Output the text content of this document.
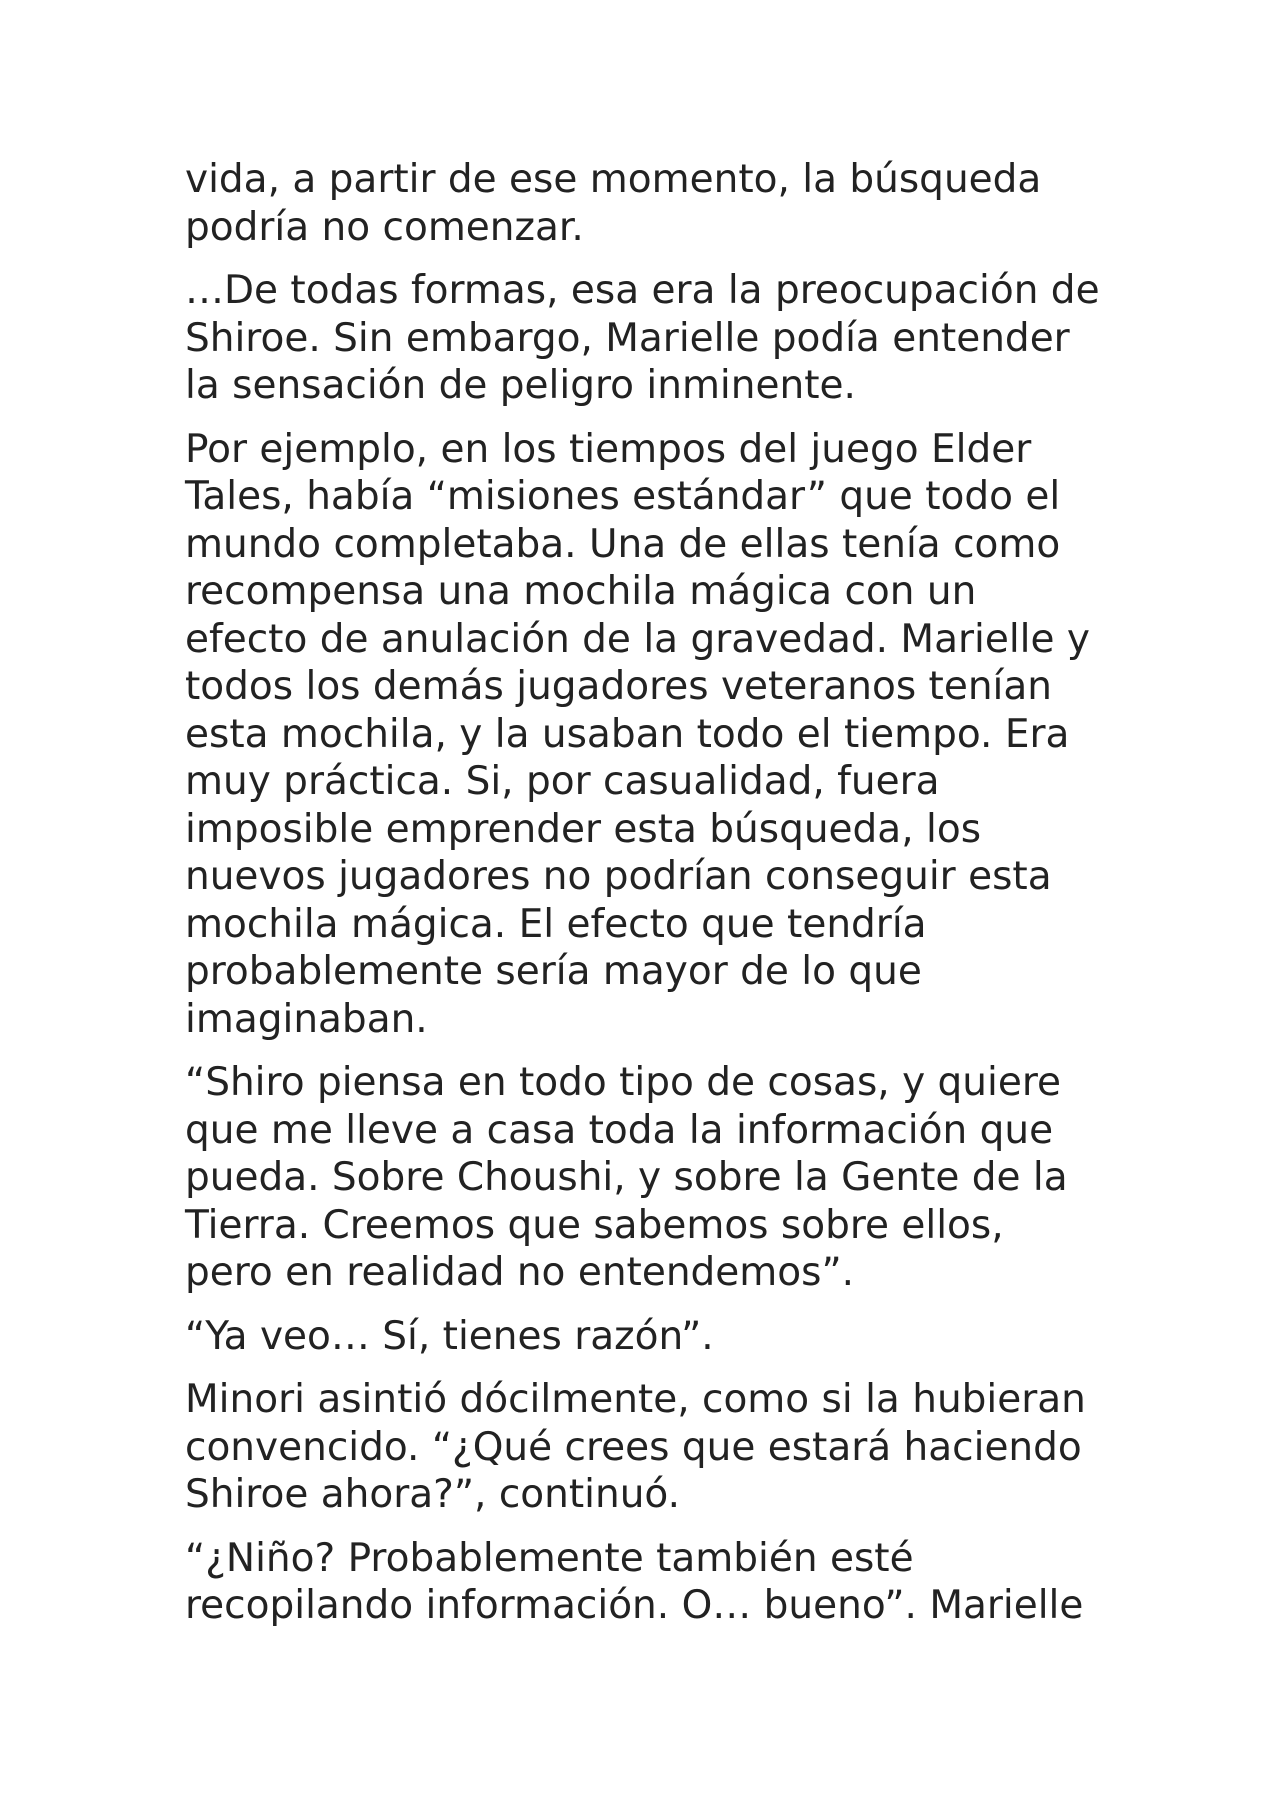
vida, a partir de ese momento, la búsqueda
podría no comenzar.

…De todas formas, esa era la preocupación de
Shiroe. Sin embargo, Marielle podía entender
la sensación de peligro inminente.

Por ejemplo, en los tiempos del juego Elder
Tales, había “misiones estándar” que todo el
mundo completaba. Una de ellas tenía como
recompensa una mochila mágica con un
efecto de anulación de la gravedad. Marielle y
todos los demás jugadores veteranos tenían
esta mochila, y la usaban todo el tiempo. Era
muy práctica. Si, por casualidad, fuera
imposible emprender esta búsqueda, los
nuevos jugadores no podrían conseguir esta
mochila mágica. El efecto que tendría
probablemente sería mayor de lo que
imaginaban.

“Shiro piensa en todo tipo de cosas, y quiere
que me lleve a casa toda la información que
pueda. Sobre Choushi, y sobre la Gente de la
Tierra. Creemos que sabemos sobre ellos,
pero en realidad no entendemos”.

“Ya veo… Sí, tienes razón”.

Minori asintió dócilmente, como si la hubieran
convencido. “¿Qué crees que estará haciendo
Shiroe ahora?”, continuó.

“¿Niño? Probablemente también esté
recopilando información. O… bueno”. Marielle
